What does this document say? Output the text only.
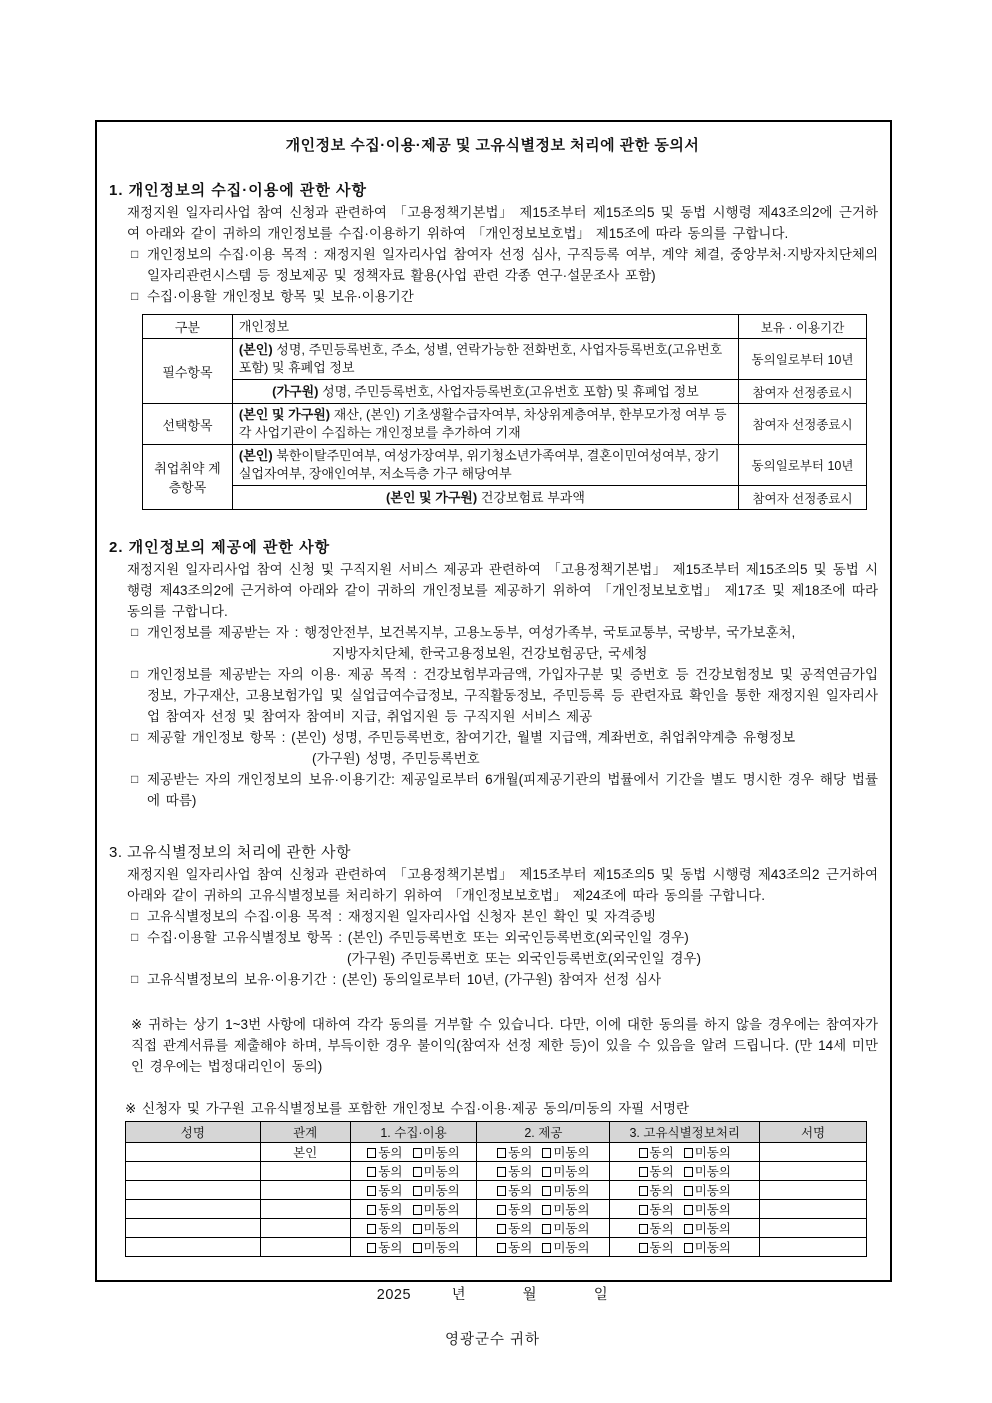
개인정보 수집·이용·제공 및 고유식별정보 처리에 관한 동의서
1. 개인정보의 수집·이용에 관한 사항
재정지원 일자리사업 참여 신청과 관련하여 「고용정책기본법」 제15조부터 제15조의5 및 동법 시행령 제43조의2에 근거하여 아래와 같이 귀하의 개인정보를 수집·이용하기 위하여 「개인정보보호법」 제15조에 따라 동의를 구합니다.
□ 개인정보의 수집·이용 목적 : 재정지원 일자리사업 참여자 선정 심사, 구직등록 여부, 계약 체결, 중앙부처·지방자치단체의 일자리관련시스템 등 정보제공 및 정책자료 활용(사업 관련 각종 연구·설문조사 포함)
□ 수집·이용할 개인정보 항목 및 보유·이용기간
구분	개인정보	보유 · 이용기간
필수항목	(본인) 성명, 주민등록번호, 주소, 성별, 연락가능한 전화번호, 사업자등록번호(고유번호 포함) 및 휴폐업 정보	동의일로부터 10년
	(가구원) 성명, 주민등록번호, 사업자등록번호(고유번호 포함) 및 휴폐업 정보	참여자 선정종료시
선택항목	(본인 및 가구원) 재산, (본인) 기초생활수급자여부, 차상위계층여부, 한부모가정 여부 등 각 사업기관이 수집하는 개인정보를 추가하여 기재	참여자 선정종료시
취업취약 계층항목	(본인) 북한이탈주민여부, 여성가장여부, 위기청소년가족여부, 결혼이민여성여부, 장기실업자여부, 장애인여부, 저소득층 가구 해당여부	동의일로부터 10년
	(본인 및 가구원) 건강보험료 부과액	참여자 선정종료시
2. 개인정보의 제공에 관한 사항
재정지원 일자리사업 참여 신청 및 구직지원 서비스 제공과 관련하여 「고용정책기본법」 제15조부터 제15조의5 및 동법 시행령 제43조의2에 근거하여 아래와 같이 귀하의 개인정보를 제공하기 위하여 「개인정보보호법」 제17조 및 제18조에 따라 동의를 구합니다.
□ 개인정보를 제공받는 자 : 행정안전부, 보건복지부, 고용노동부, 여성가족부, 국토교통부, 국방부, 국가보훈처,
지방자치단체, 한국고용정보원, 건강보험공단, 국세청
□ 개인정보를 제공받는 자의 이용· 제공 목적 : 건강보험부과금액, 가입자구분 및 증번호 등 건강보험정보 및 공적연금가입 정보, 가구재산, 고용보험가입 및 실업급여수급정보, 구직활동정보, 주민등록 등 관련자료 확인을 통한 재정지원 일자리사업 참여자 선정 및 참여자 참여비 지급, 취업지원 등 구직지원 서비스 제공
□ 제공할 개인정보 항목 : (본인) 성명, 주민등록번호, 참여기간, 월별 지급액, 계좌번호, 취업취약계층 유형정보
(가구원) 성명, 주민등록번호
□ 제공받는 자의 개인정보의 보유·이용기간: 제공일로부터 6개월(피제공기관의 법률에서 기간을 별도 명시한 경우 해당 법률에 따름)
3. 고유식별정보의 처리에 관한 사항
재정지원 일자리사업 참여 신청과 관련하여 「고용정책기본법」 제15조부터 제15조의5 및 동법 시행령 제43조의2 근거하여 아래와 같이 귀하의 고유식별정보를 처리하기 위하여 「개인정보보호법」 제24조에 따라 동의를 구합니다.
□ 고유식별정보의 수집·이용 목적 : 재정지원 일자리사업 신청자 본인 확인 및 자격증빙
□ 수집·이용할 고유식별정보 항목 : (본인) 주민등록번호 또는 외국인등록번호(외국인일 경우)
(가구원) 주민등록번호 또는 외국인등록번호(외국인일 경우)
□ 고유식별정보의 보유·이용기간 : (본인) 동의일로부터 10년, (가구원) 참여자 선정 심사
※ 귀하는 상기 1~3번 사항에 대하여 각각 동의를 거부할 수 있습니다. 다만, 이에 대한 동의를 하지 않을 경우에는 참여자가 직접 관계서류를 제출해야 하며, 부득이한 경우 불이익(참여자 선정 제한 등)이 있을 수 있음을 알려 드립니다. (만 14세 미만인 경우에는 법정대리인이 동의)
※ 신청자 및 가구원 고유식별정보를 포함한 개인정보 수집·이용·제공 동의/미동의 자필 서명란
성명	관계	1. 수집·이용	2. 제공	3. 고유식별정보처리	서명
	본인	동의 미동의	동의 미동의	동의 미동의	
		동의 미동의	동의 미동의	동의 미동의	
		동의 미동의	동의 미동의	동의 미동의	
		동의 미동의	동의 미동의	동의 미동의	
		동의 미동의	동의 미동의	동의 미동의	
		동의 미동의	동의 미동의	동의 미동의	
2025	년	월	일
영광군수 귀하
